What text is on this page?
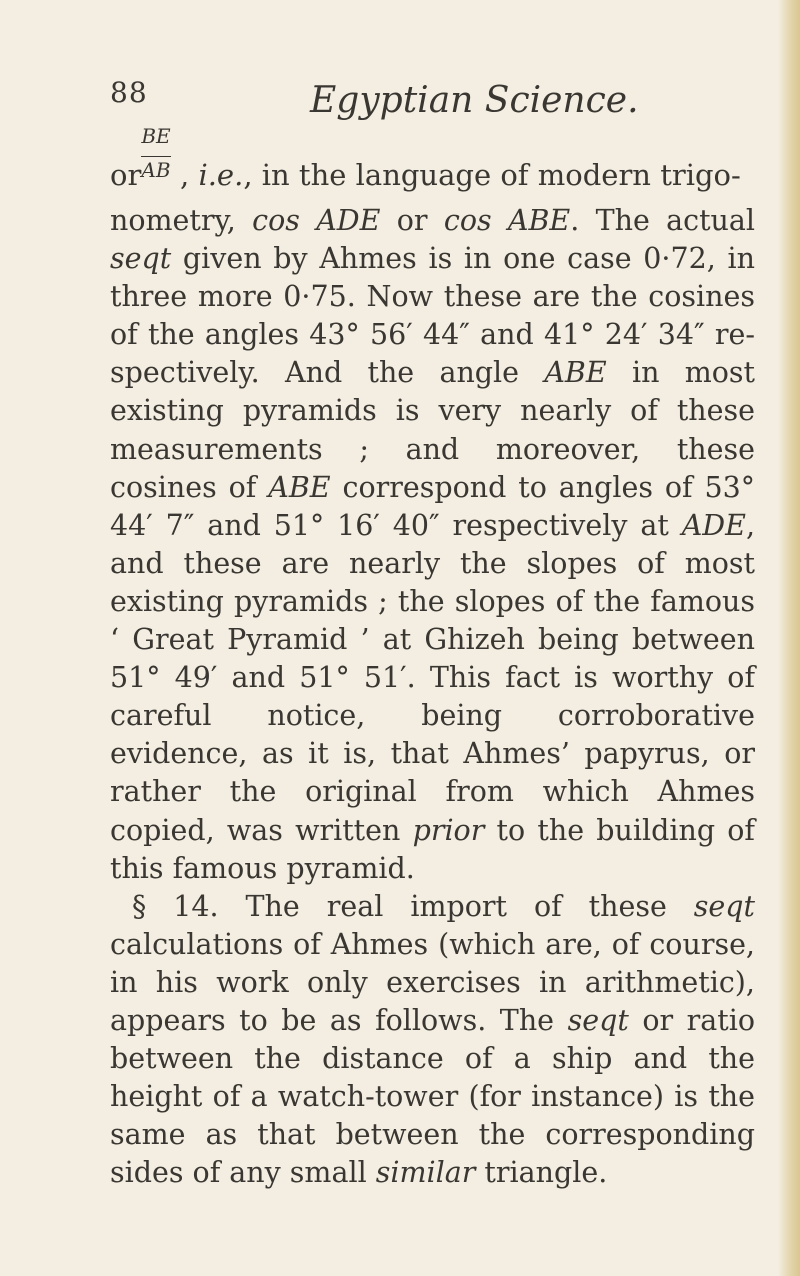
88	Egyptian Science.
or
BE
AB , i.e., in the language of modern trigo-

nometry, cos ADE or cos ABE. The actual seqt given by Ahmes is in one case 0·72, in three more 0·75. Now these are the cosines of the angles 43° 56′ 44″ and 41° 24′ 34″ respectively. And the angle ABE in most existing pyramids is very nearly of these measurements ; and moreover, these cosines of ABE correspond to angles of 53° 44′ 7″ and 51° 16′ 40″ respectively at ADE, and these are nearly the slopes of most existing pyramids ; the slopes of the famous ‘ Great Pyramid ’ at Ghizeh being between 51° 49′ and 51° 51′. This fact is worthy of careful notice, being corroborative evidence, as it is, that Ahmes’ papyrus, or rather the original from which Ahmes copied, was written prior to the building of this famous pyramid.

§ 14. The real import of these seqt calculations of Ahmes (which are, of course, in his work only exercises in arithmetic), appears to be as follows. The seqt or ratio between the distance of a ship and the height of a watch-tower (for instance) is the same as that between the corresponding sides of any small similar triangle.
